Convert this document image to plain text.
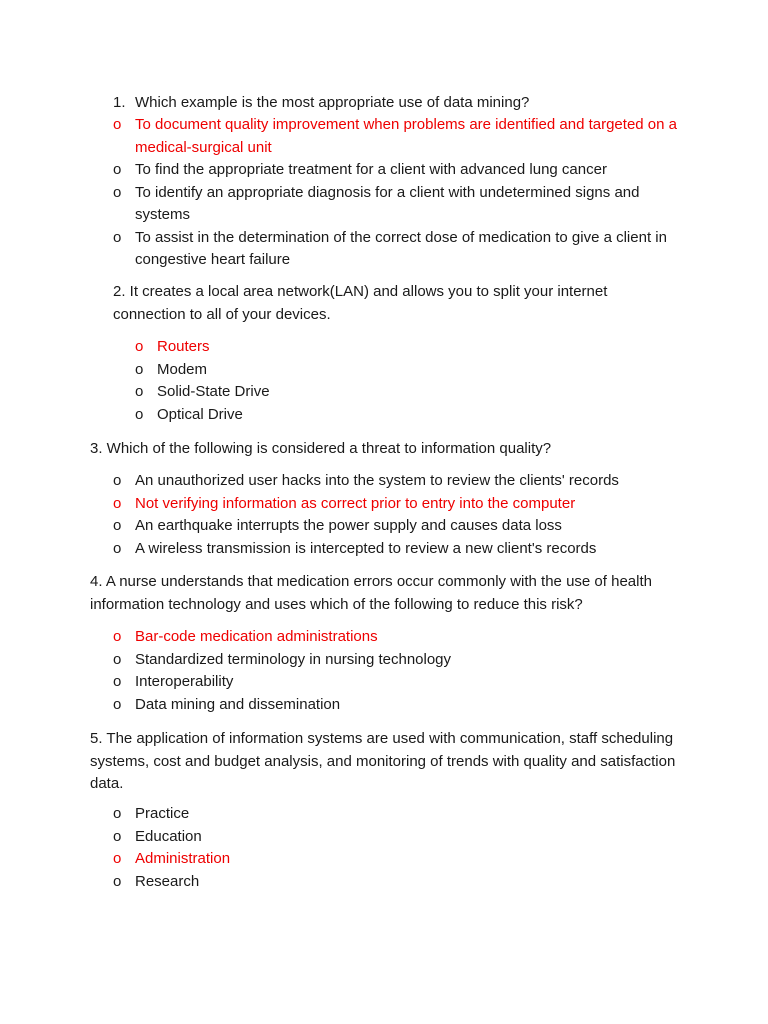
1. Which example is the most appropriate use of data mining?

o To document quality improvement when problems are identified and targeted on a medical-surgical unit
o To find the appropriate treatment for a client with advanced lung cancer
o To identify an appropriate diagnosis for a client with undetermined signs and systems
o To assist in the determination of the correct dose of medication to give a client in congestive heart failure

2. It creates a local area network(LAN) and allows you to split your internet connection to all of your devices.

o Routers
o Modem
o Solid-State Drive
o Optical Drive

3. Which of the following is considered a threat to information quality?

o An unauthorized user hacks into the system to review the clients' records
o Not verifying information as correct prior to entry into the computer
o An earthquake interrupts the power supply and causes data loss
o A wireless transmission is intercepted to review a new client's records

4. A nurse understands that medication errors occur commonly with the use of health information technology and uses which of the following to reduce this risk?

o Bar-code medication administrations
o Standardized terminology in nursing technology
o Interoperability
o Data mining and dissemination

5. The application of information systems are used with communication, staff scheduling systems, cost and budget analysis, and monitoring of trends with quality and satisfaction data.

o Practice
o Education
o Administration
o Research
